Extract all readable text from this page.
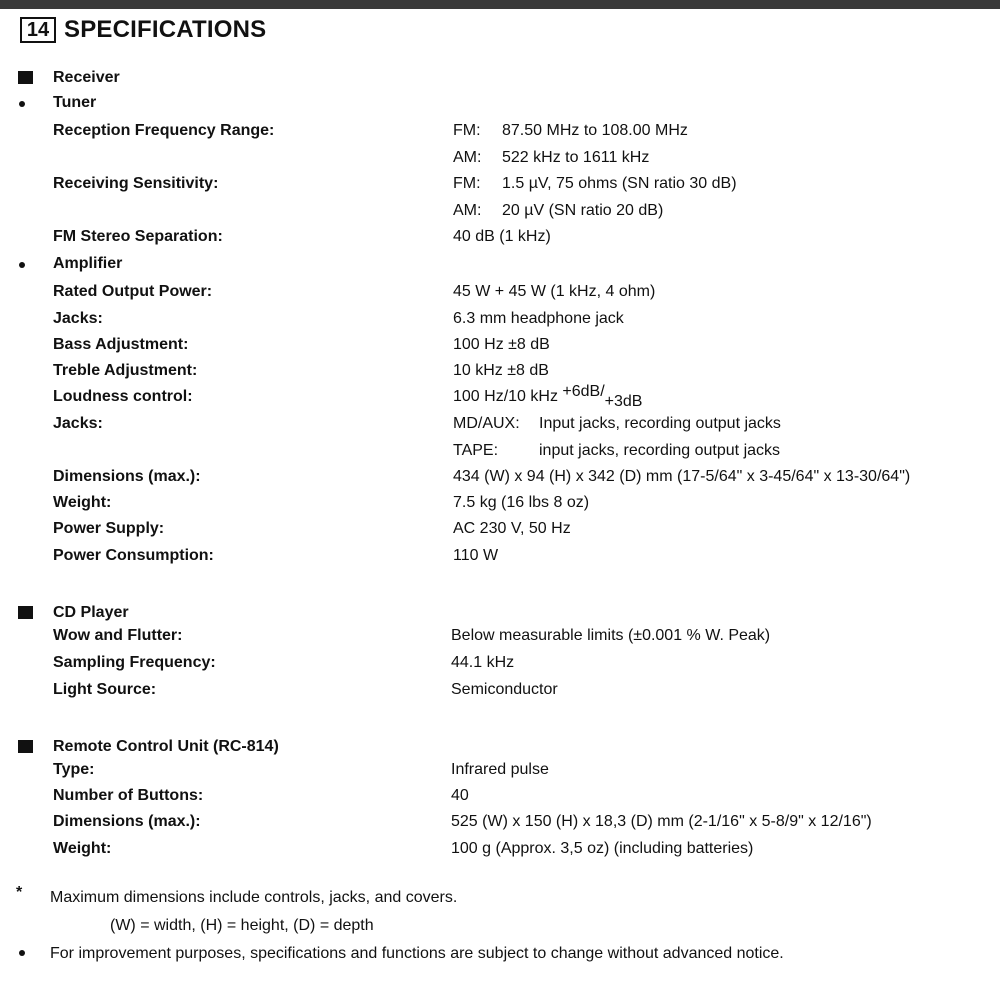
14 SPECIFICATIONS
Receiver
Tuner
Reception Frequency Range:	FM: 87.50 MHz to 108.00 MHz
AM: 522 kHz to 1611 kHz
Receiving Sensitivity:	FM: 1.5 µV, 75 ohms (SN ratio 30 dB)
AM: 20 µV (SN ratio 20 dB)
FM Stereo Separation:	40 dB (1 kHz)
Amplifier
Rated Output Power:	45 W + 45 W (1 kHz, 4 ohm)
Jacks:	6.3 mm headphone jack
Bass Adjustment:	100 Hz ±8 dB
Treble Adjustment:	10 kHz ±8 dB
Loudness control:	100 Hz/10 kHz +6dB/+3dB
Jacks:	MD/AUX: Input jacks, recording output jacks
TAPE:	input jacks, recording output jacks
Dimensions (max.):	434 (W) x 94 (H) x 342 (D) mm (17-5/64" x 3-45/64" x 13-30/64")
Weight:	7.5 kg (16 lbs 8 oz)
Power Supply:	AC 230 V, 50 Hz
Power Consumption:	110 W
CD Player
Wow and Flutter:	Below measurable limits (±0.001 % W. Peak)
Sampling Frequency:	44.1 kHz
Light Source:	Semiconductor
Remote Control Unit (RC-814)
Type:	Infrared pulse
Number of Buttons:	40
Dimensions (max.):	525 (W) x 150 (H) x 18,3 (D) mm (2-1/16" x 5-8/9" x 12/16")
Weight:	100 g (Approx. 3,5 oz) (including batteries)
* Maximum dimensions include controls, jacks, and covers.
(W) = width, (H) = height, (D) = depth
For improvement purposes, specifications and functions are subject to change without advanced notice.
